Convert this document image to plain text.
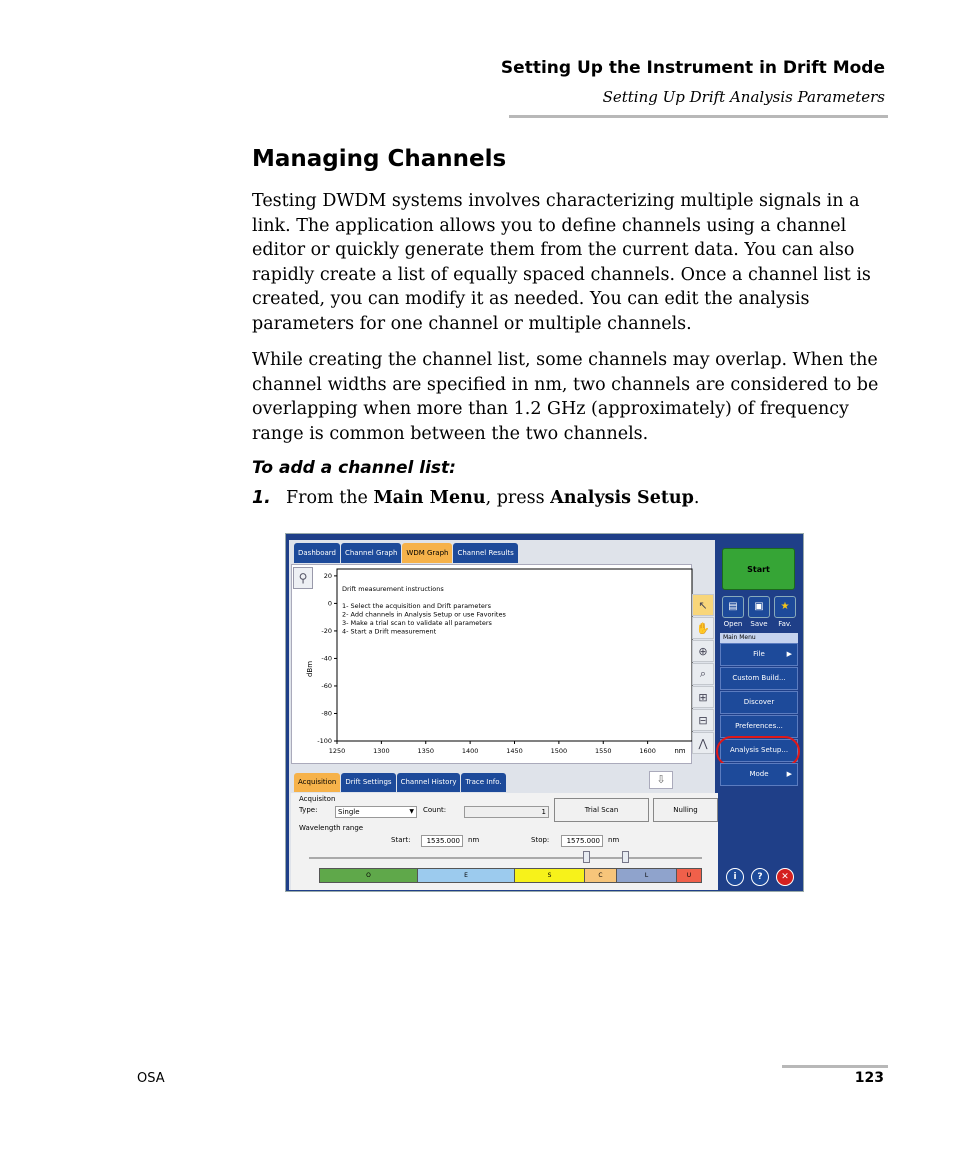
Setting Up the Instrument in Drift Mode
Setting Up Drift Analysis Parameters
Managing Channels

Testing DWDM systems involves characterizing multiple signals in a link. The application allows you to define channels using a channel editor or quickly generate them from the current data. You can also rapidly create a list of equally spaced channels. Once a channel list is created, you can modify it as needed. You can edit the analysis parameters for one channel or multiple channels.

While creating the channel list, some channels may overlap. When the channel widths are specified in nm, two channels are considered to be overlapping when more than 1.2 GHz (approximately) of frequency range is common between the two channels.

To add a channel list:
1. From the Main Menu, press Analysis Setup.
Dashboard	Channel Graph	WDM Graph	Channel Results
⚲
dBm
1250	1300	1350	1400	1450	1500	1550	1600
20
0
-20
-40
-60
-80
-100
nm
Drift measurement instructions
1- Select the acquisition and Drift parameters
2- Add channels in Analysis Setup or use Favorites
3- Make a trial scan to validate all parameters
4- Start a Drift measurement
↖
✋
⊕
⌕
⊞
⊟
⋀
Acquisition	Drift Settings	Channel History	Trace Info.	⇩
Acquisiton
Type:	Single	▼ Count:	1	Trial Scan	Nulling
Wavelength range
Start:	1535.000	nm	Stop:	1575.000	nm
O	E	S	C	L	U
Start
▤	▣	★
Open	Save	Fav.
Main Menu
File	▶
Custom Build...
Discover
Preferences...
Analysis Setup...
Mode	▶
i	?	✕
OSA	123
